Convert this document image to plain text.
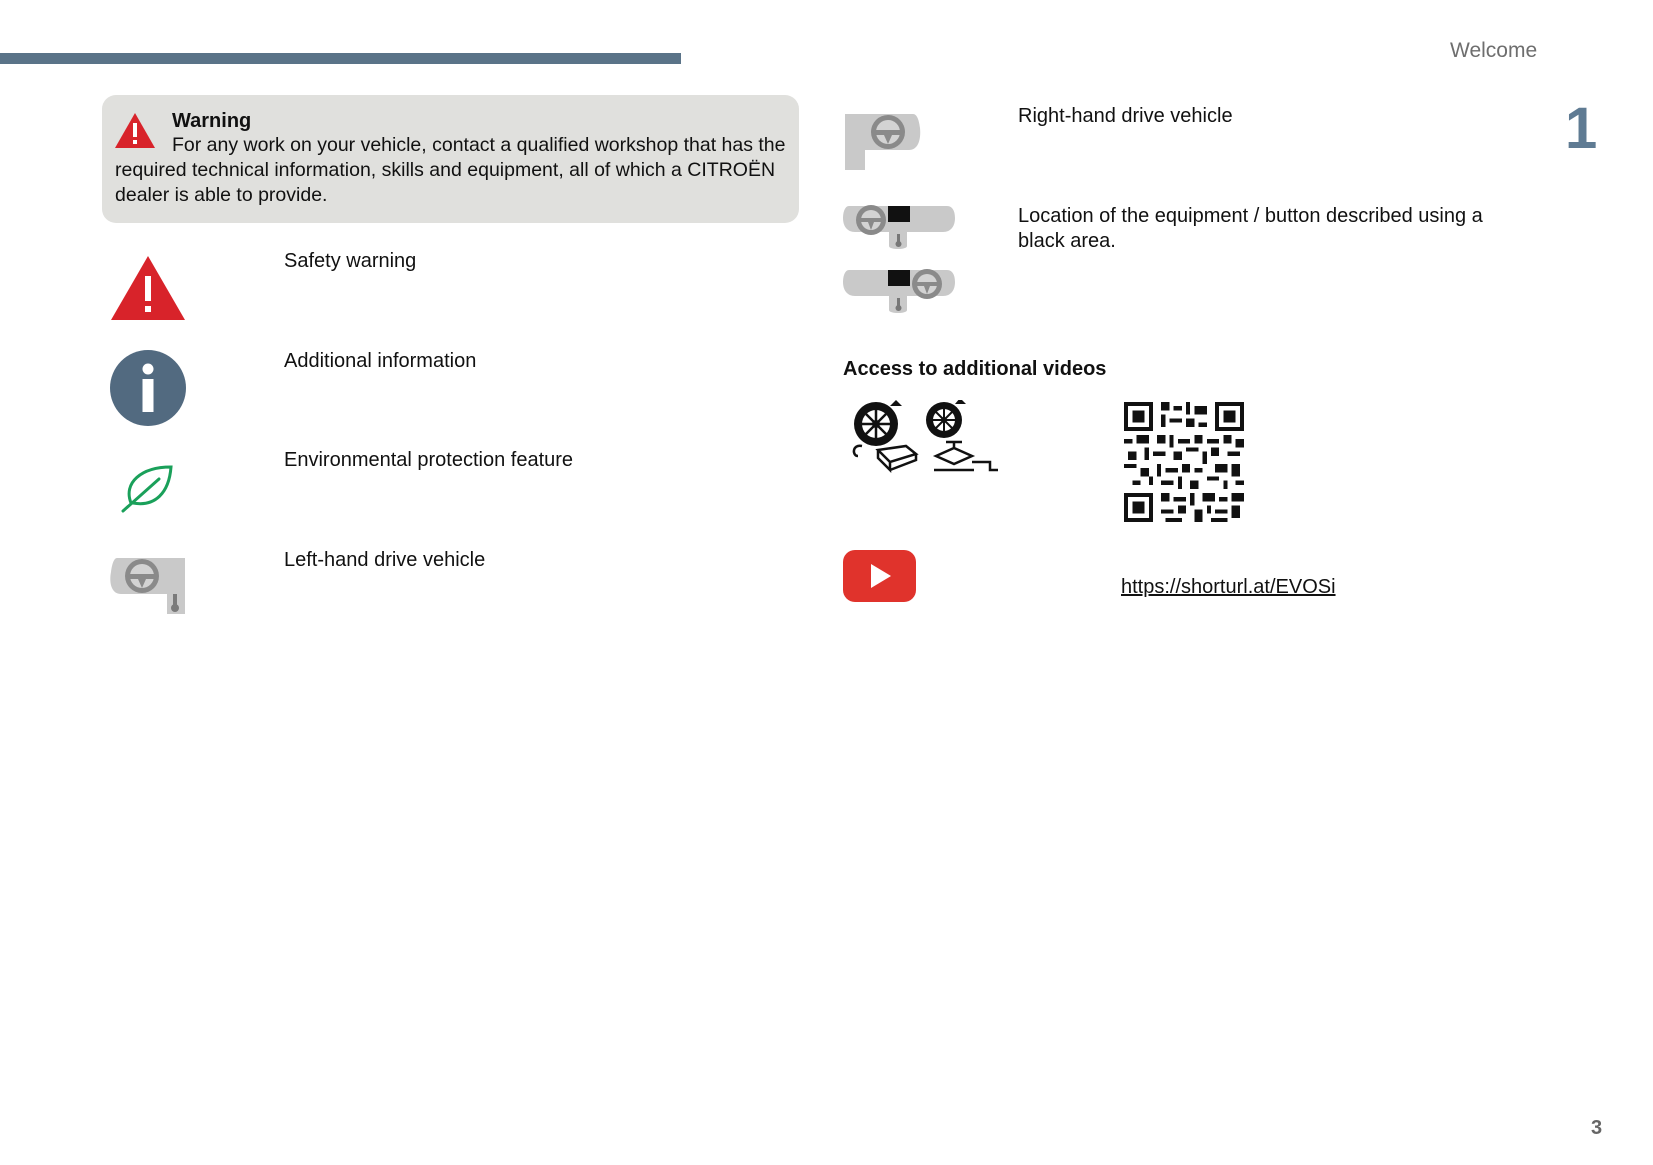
Welcome
1
Warning
For any work on your vehicle, contact a qualified workshop that has the required technical information, skills and equipment, all of which a CITROËN dealer is able to provide.
Safety warning
Additional information
Environmental protection feature
Left-hand drive vehicle
Right-hand drive vehicle
Location of the equipment / button described using a black area.
Access to additional videos
https://shorturl.at/EVOSi
3
